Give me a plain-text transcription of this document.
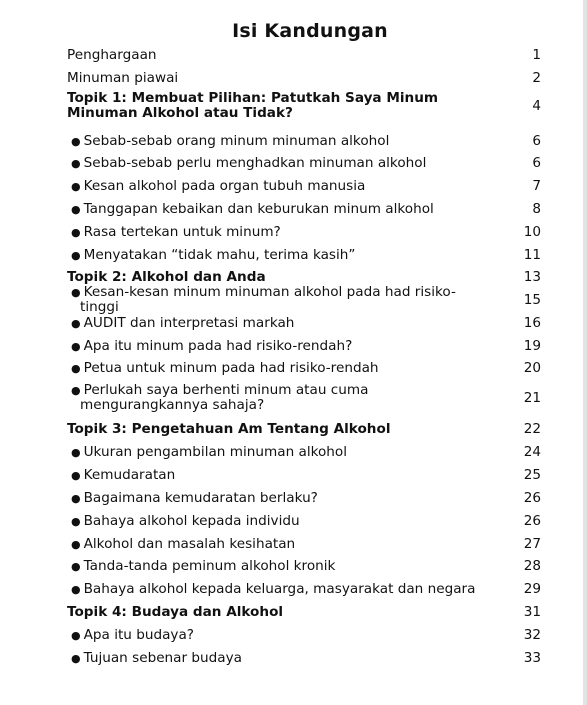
Isi Kandungan
Penghargaan	1
Minuman piawai	2
Topik 1: Membuat Pilihan: Patutkah Saya Minum Minuman Alkohol atau Tidak?	4
● Sebab-sebab orang minum minuman alkohol	6
● Sebab-sebab perlu menghadkan minuman alkohol	6
● Kesan alkohol pada organ tubuh manusia	7
● Tanggapan kebaikan dan keburukan minum alkohol	8
● Rasa tertekan untuk minum?	10
● Menyatakan “tidak mahu, terima kasih”	11
Topik 2: Alkohol dan Anda	13
● Kesan-kesan minum minuman alkohol pada had risiko-tinggi	15
● AUDIT dan interpretasi markah	16
● Apa itu minum pada had risiko-rendah?	19
● Petua untuk minum pada had risiko-rendah	20
● Perlukah saya berhenti minum atau cuma mengurangkannya sahaja?	21
Topik 3: Pengetahuan Am Tentang Alkohol	22
● Ukuran pengambilan minuman alkohol	24
● Kemudaratan	25
● Bagaimana kemudaratan berlaku?	26
● Bahaya alkohol kepada individu	26
● Alkohol dan masalah kesihatan	27
● Tanda-tanda peminum alkohol kronik	28
● Bahaya alkohol kepada keluarga, masyarakat dan negara	29
Topik 4: Budaya dan Alkohol	31
● Apa itu budaya?	32
● Tujuan sebenar budaya	33
